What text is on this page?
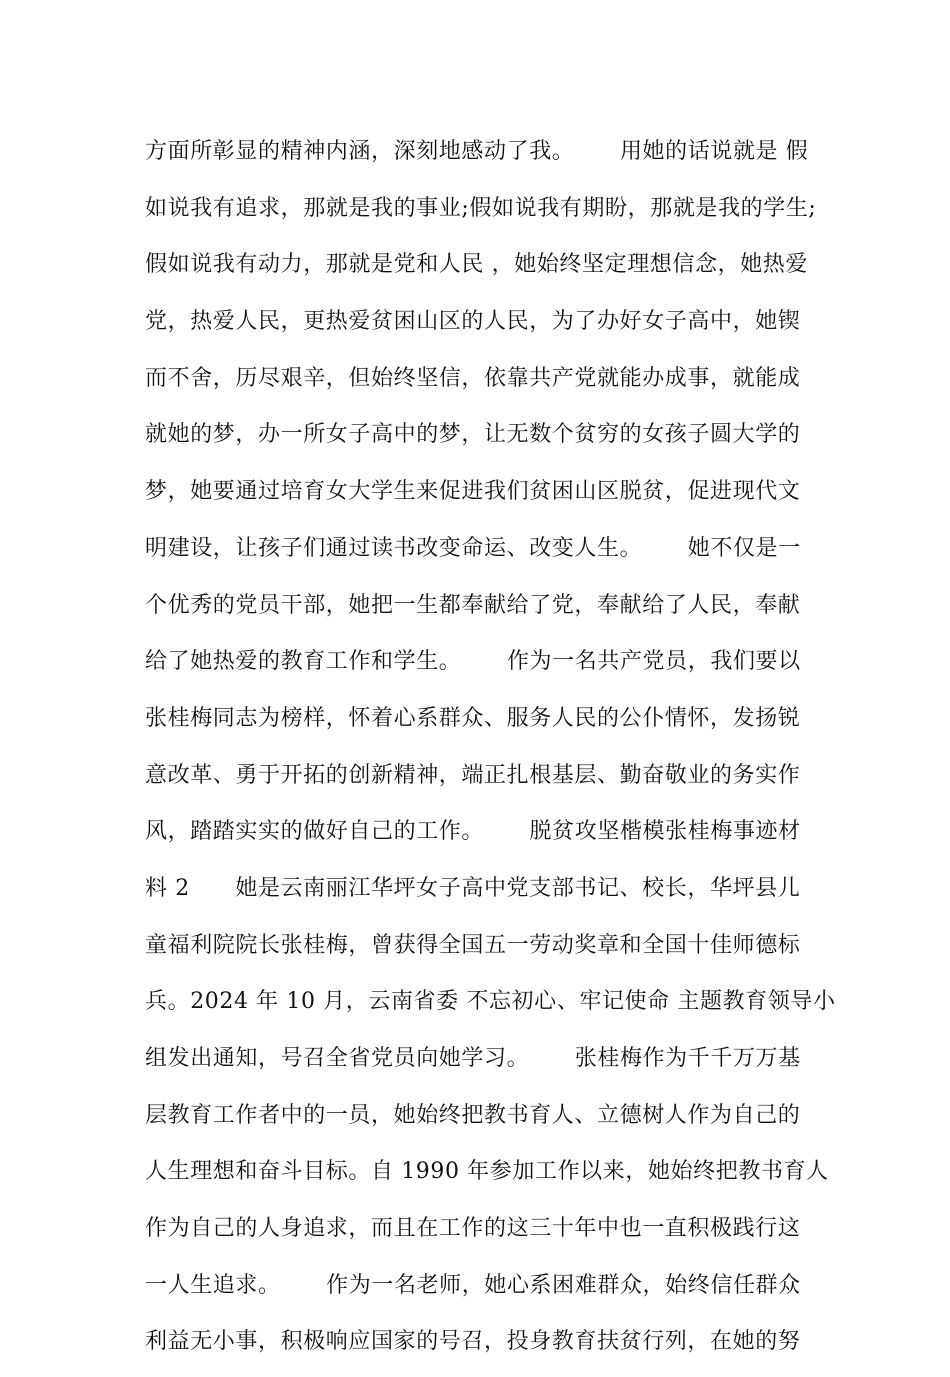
方面所彰显的精神内涵，深刻地感动了我。      用她的话说就是 假
如说我有追求，那就是我的事业;假如说我有期盼，那就是我的学生;
假如说我有动力，那就是党和人民 ，她始终坚定理想信念，她热爱
党，热爱人民，更热爱贫困山区的人民，为了办好女子高中，她锲
而不舍，历尽艰辛，但始终坚信，依靠共产党就能办成事，就能成
就她的梦，办一所女子高中的梦，让无数个贫穷的女孩子圆大学的
梦，她要通过培育女大学生来促进我们贫困山区脱贫，促进现代文
明建设，让孩子们通过读书改变命运、改变人生。      她不仅是一
个优秀的党员干部，她把一生都奉献给了党，奉献给了人民，奉献
给了她热爱的教育工作和学生。      作为一名共产党员，我们要以
张桂梅同志为榜样，怀着心系群众、服务人民的公仆情怀，发扬锐
意改革、勇于开拓的创新精神，端正扎根基层、勤奋敬业的务实作
风，踏踏实实的做好自己的工作。      脱贫攻坚楷模张桂梅事迹材
料 2      她是云南丽江华坪女子高中党支部书记、校长，华坪县儿
童福利院院长张桂梅，曾获得全国五一劳动奖章和全国十佳师德标
兵。2024 年 10 月，云南省委 不忘初心、牢记使命 主题教育领导小
组发出通知，号召全省党员向她学习。      张桂梅作为千千万万基
层教育工作者中的一员，她始终把教书育人、立德树人作为自己的
人生理想和奋斗目标。自 1990 年参加工作以来，她始终把教书育人
作为自己的人身追求，而且在工作的这三十年中也一直积极践行这
一人生追求。      作为一名老师，她心系困难群众，始终信任群众
利益无小事，积极响应国家的号召，投身教育扶贫行列，在她的努
